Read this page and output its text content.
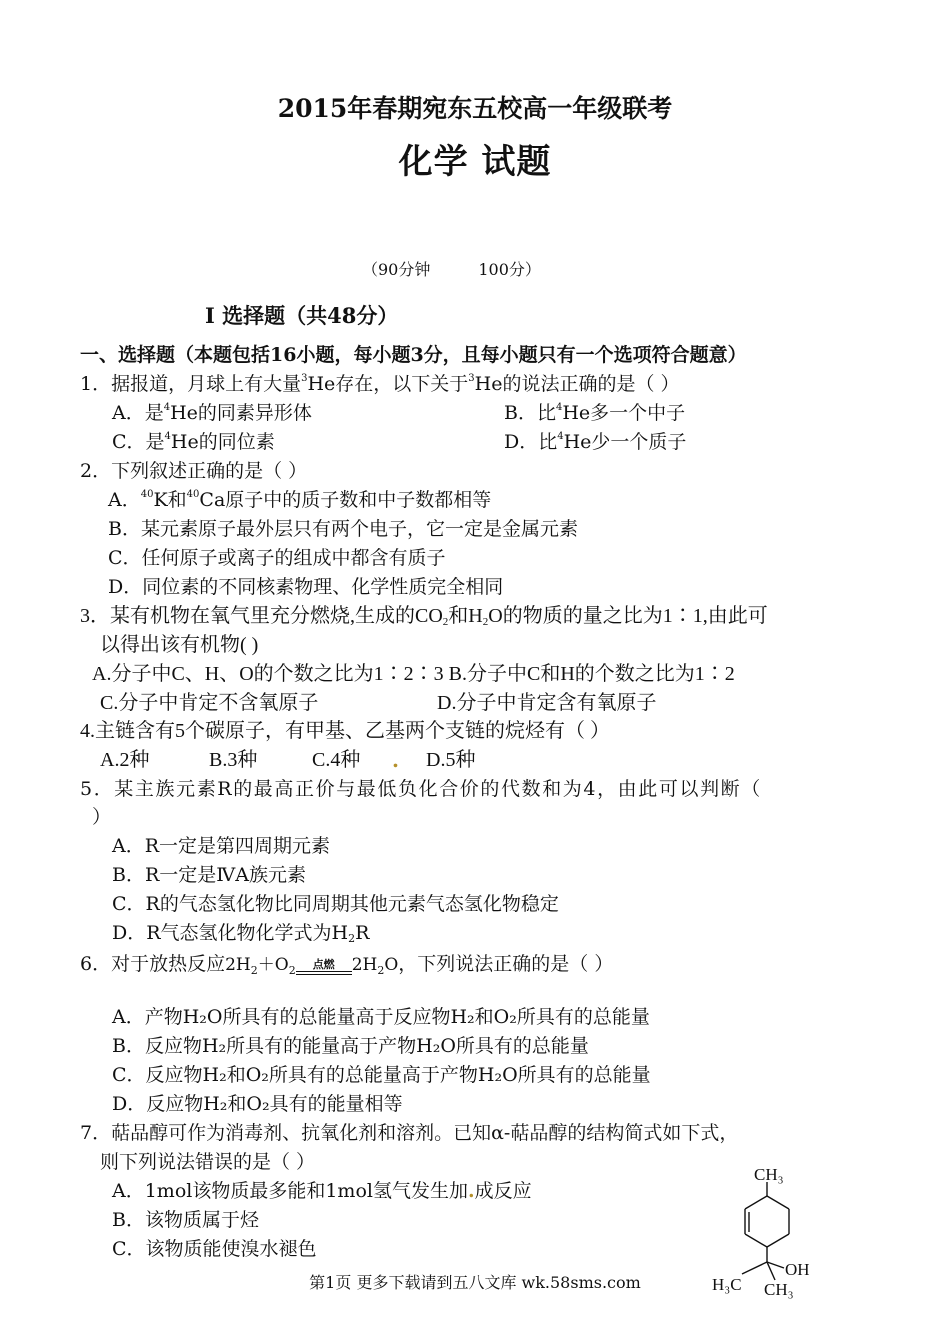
2015年春期宛东五校高一年级联考
化学 试题
（90分钟	100分）
I 选择题（共48分）
一、选择题（本题包括16小题，每小题3分，且每小题只有一个选项符合题意）
1．据报道，月球上有大量$^3$He存在，以下关于$^3$He的说法正确的是（ ）
A．是$^4$He的同素异形体	B．比$^4$He多一个中子
C．是$^4$He的同位素	D．比$^4$He少一个质子
2．下列叙述正确的是（ ）
A．$^{40}$K和$^{40}$Ca原子中的质子数和中子数都相等
B．某元素原子最外层只有两个电子，它一定是金属元素
C．任何原子或离子的组成中都含有质子
D．同位素的不同核素物理、化学性质完全相同
3．某有机物在氧气里充分燃烧,生成的$CO_2$和$H_2O$的物质的量之比为1∶1,由此可
以得出该有机物( )
A.分子中C、H、O的个数之比为1∶2∶3 B.分子中C和H的个数之比为1∶2
C.分子中肯定不含氧原子	D.分子中肯定含有氧原子
4.主链含有5个碳原子，有甲基、乙基两个支链的烷烃有（ ）
A.2种	B.3种	C.4种 . D.5种
5．某主族元素R的最高正价与最低负化合价的代数和为4，由此可以判断（
）
A．R一定是第四周期元素
B．R一定是ⅣA族元素
C．R的气态氢化物比同周期其他元素气态氢化物稳定
D．R气态氢化物化学式为$H_2R$
6．对于放热反应$2H_2+O_2$	点燃	$2H_2O$，下列说法正确的是（ ）
A．产物H₂O所具有的总能量高于反应物H₂和O₂所具有的总能量
B．反应物H₂所具有的能量高于产物H₂O所具有的总能量
C．反应物H₂和O₂所具有的总能量高于产物H₂O所具有的总能量
D．反应物H₂和O₂具有的能量相等
7．萜品醇可作为消毒剂、抗氧化剂和溶剂。已知α-萜品醇的结构简式如下式，
则下列说法错误的是（ ）
A．1mol该物质最多能和1mol氢气发生加.成反应
B．该物质属于烃
C．该物质能使溴水褪色
CH₃
OH
H₃C CH₃
第1页 更多下载请到五八文库 wk.58sms.com
